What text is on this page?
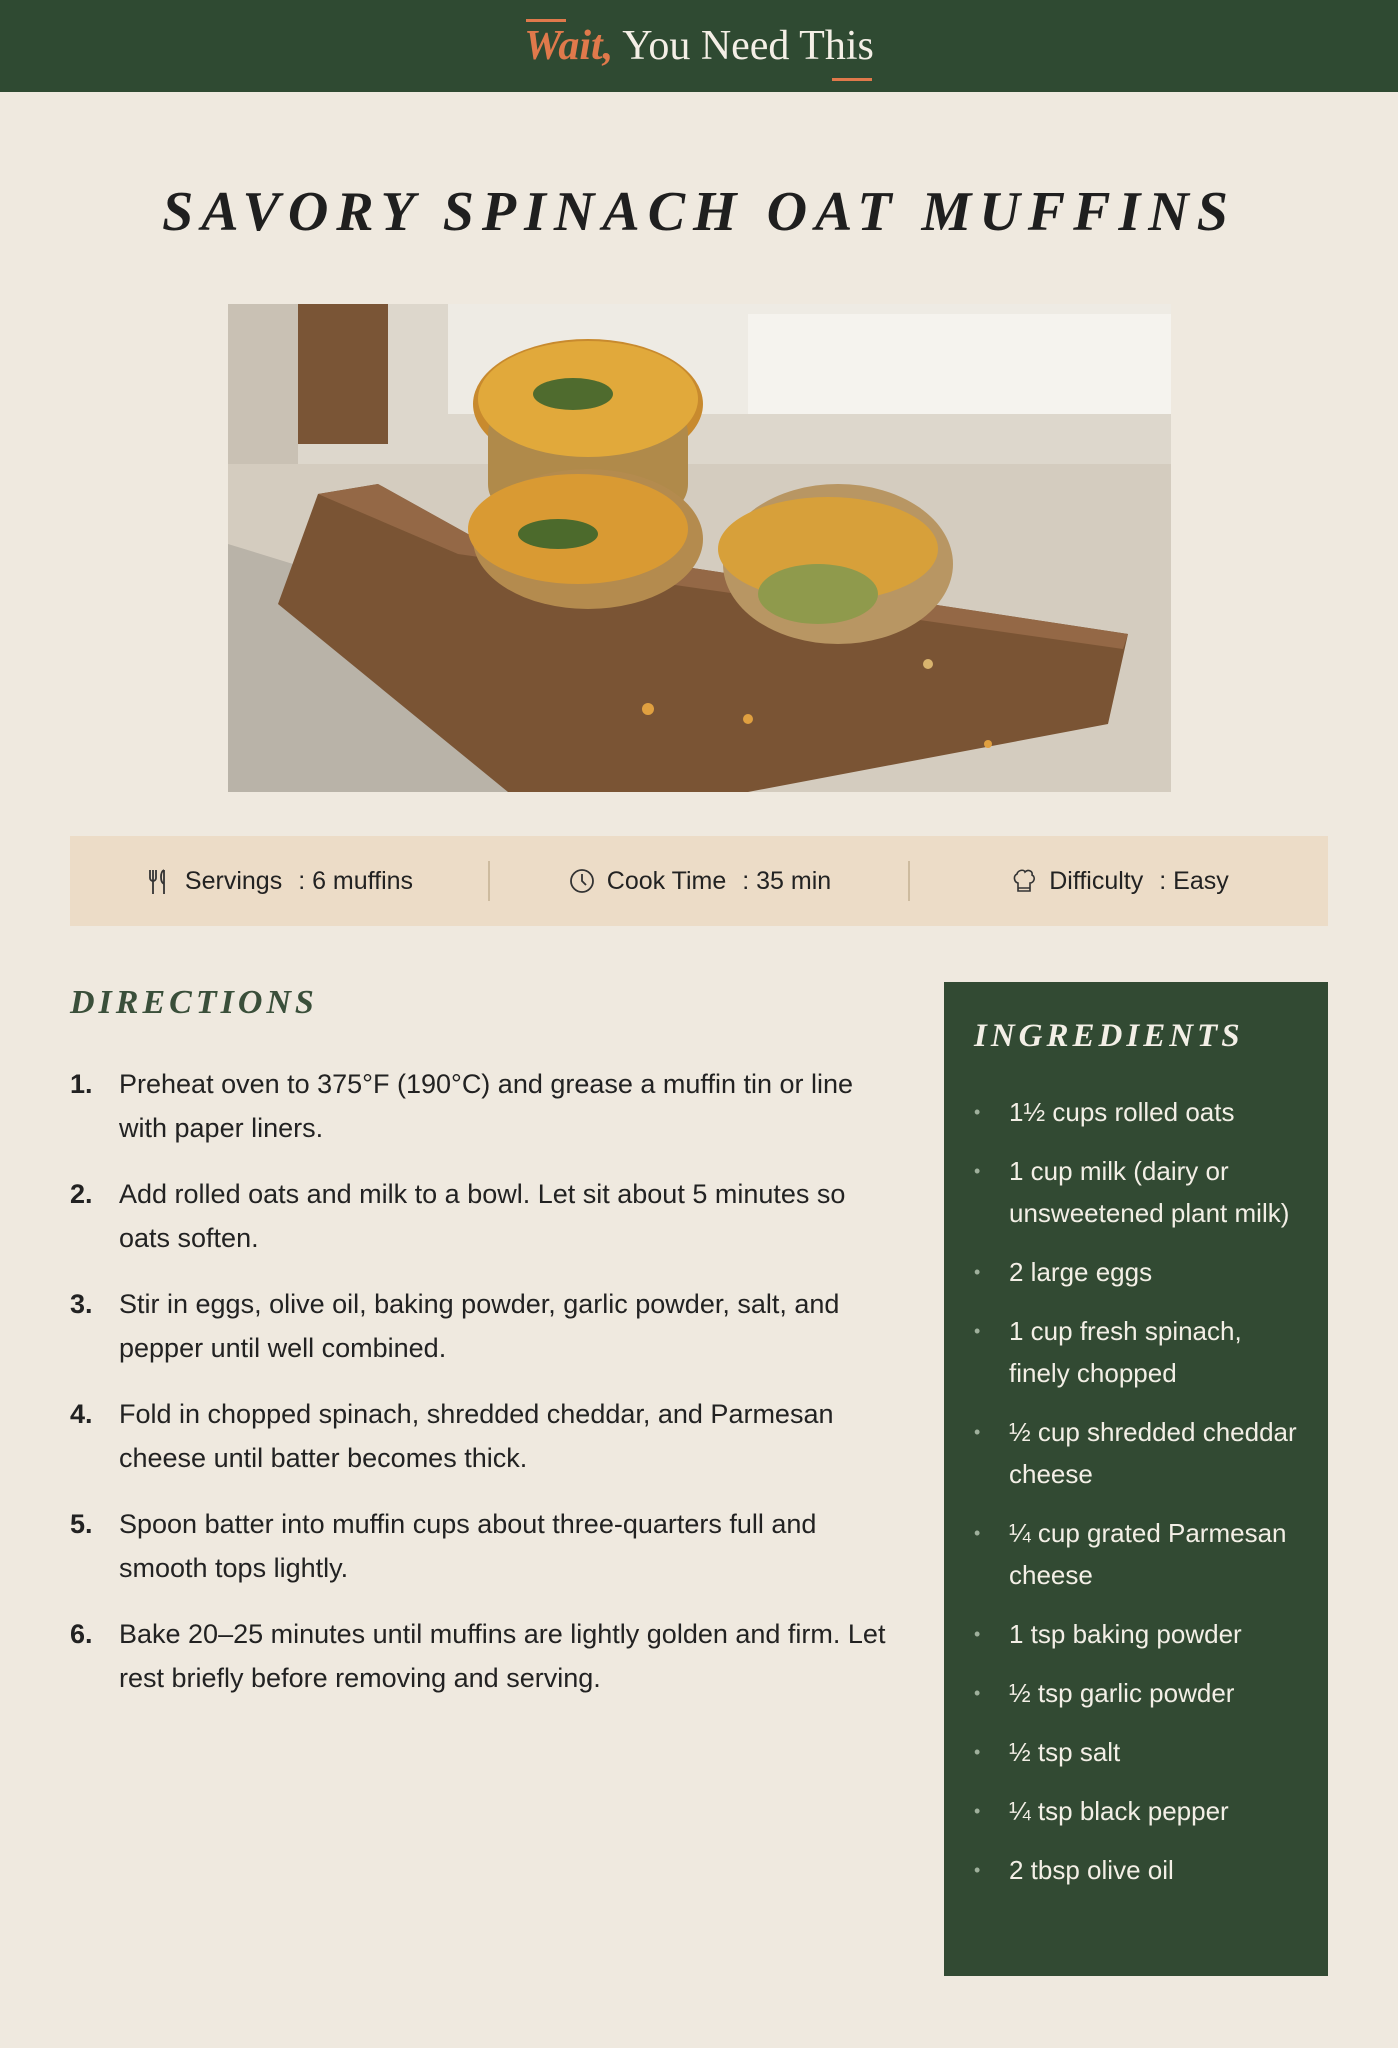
Wait, You Need This
SAVORY SPINACH OAT MUFFINS
Servings : 6 muffins	Cook Time : 35 min	Difficulty : Easy
DIRECTIONS
1. Preheat oven to 375°F (190°C) and grease a muffin tin or line with paper liners.
2. Add rolled oats and milk to a bowl. Let sit about 5 minutes so oats soften.
3. Stir in eggs, olive oil, baking powder, garlic powder, salt, and pepper until well combined.
4. Fold in chopped spinach, shredded cheddar, and Parmesan cheese until batter becomes thick.
5. Spoon batter into muffin cups about three-quarters full and smooth tops lightly.
6. Bake 20–25 minutes until muffins are lightly golden and firm. Let rest briefly before removing and serving.
INGREDIENTS
•	1½ cups rolled oats
•	1 cup milk (dairy or unsweetened plant milk)
•	2 large eggs
•	1 cup fresh spinach, finely chopped
•	½ cup shredded cheddar cheese
•	¼ cup grated Parmesan cheese
•	1 tsp baking powder
•	½ tsp garlic powder
•	½ tsp salt
•	¼ tsp black pepper
•	2 tbsp olive oil
